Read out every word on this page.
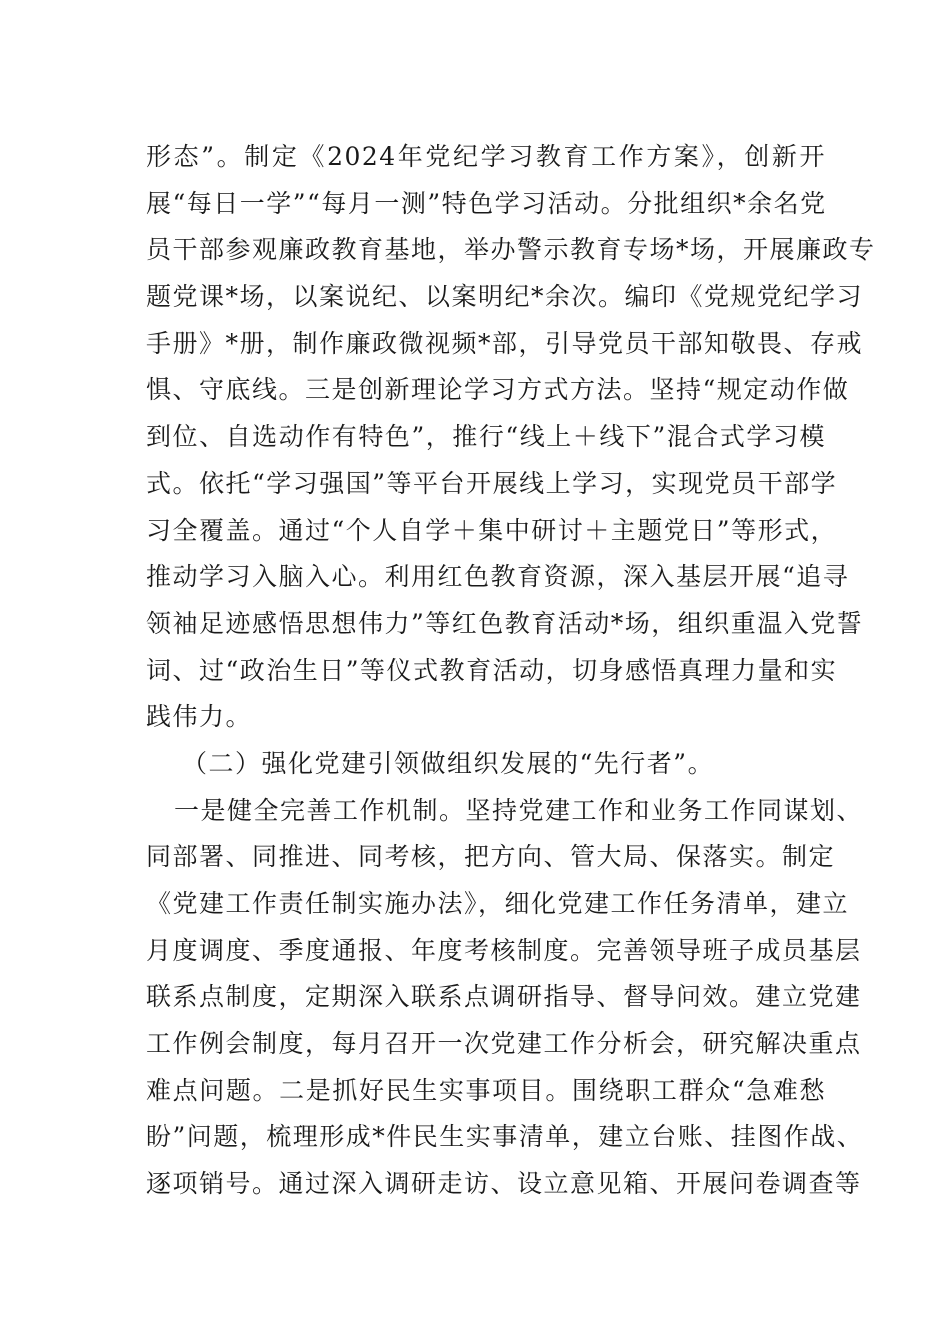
形态”。制定《2024年党纪学习教育工作方案》，创新开
展“每日一学”“每月一测”特色学习活动。分批组织*余名党
员干部参观廉政教育基地，举办警示教育专场*场，开展廉政专
题党课*场，以案说纪、以案明纪*余次。编印《党规党纪学习
手册》*册，制作廉政微视频*部，引导党员干部知敬畏、存戒
惧、守底线。三是创新理论学习方式方法。坚持“规定动作做
到位、自选动作有特色”，推行“线上＋线下”混合式学习模
式。依托“学习强国”等平台开展线上学习，实现党员干部学
习全覆盖。通过“个人自学＋集中研讨＋主题党日”等形式，
推动学习入脑入心。利用红色教育资源，深入基层开展“追寻
领袖足迹感悟思想伟力”等红色教育活动*场，组织重温入党誓
词、过“政治生日”等仪式教育活动，切身感悟真理力量和实
践伟力。
（二）强化党建引领做组织发展的“先行者”。
一是健全完善工作机制。坚持党建工作和业务工作同谋划、
同部署、同推进、同考核，把方向、管大局、保落实。制定
《党建工作责任制实施办法》，细化党建工作任务清单，建立
月度调度、季度通报、年度考核制度。完善领导班子成员基层
联系点制度，定期深入联系点调研指导、督导问效。建立党建
工作例会制度，每月召开一次党建工作分析会，研究解决重点
难点问题。二是抓好民生实事项目。围绕职工群众“急难愁
盼”问题，梳理形成*件民生实事清单，建立台账、挂图作战、
逐项销号。通过深入调研走访、设立意见箱、开展问卷调查等
